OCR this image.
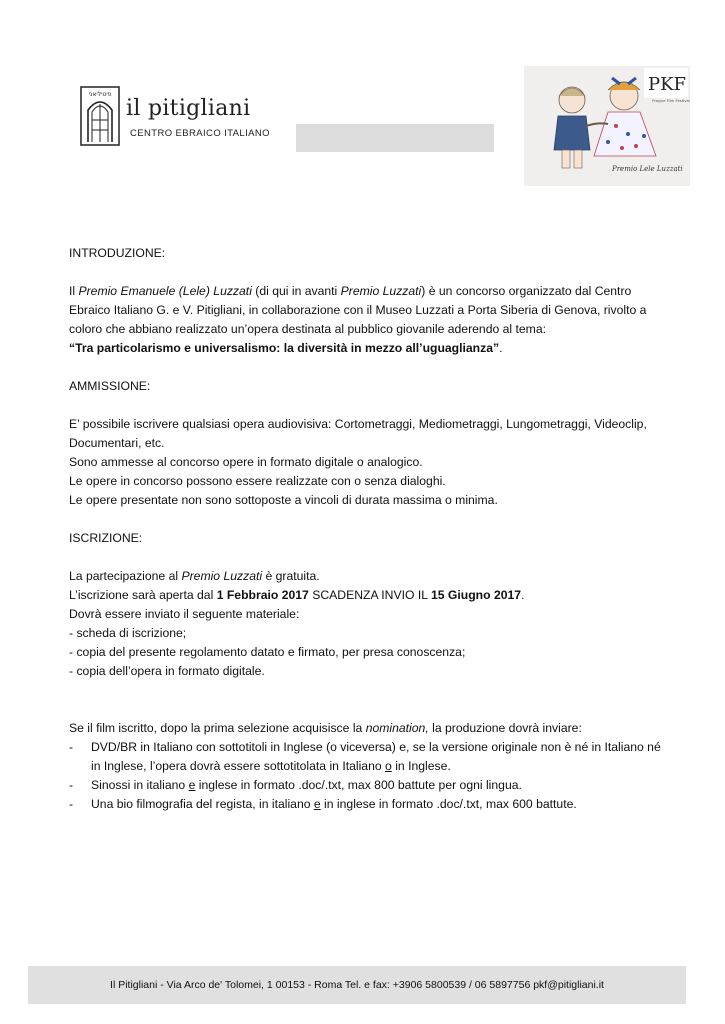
פיטיליאני
il pitigliani
CENTRO EBRAICO ITALIANO
PKF
Prague Film Festival
Premio Lele Luzzati

INTRODUZIONE:

Il Premio Emanuele (Lele) Luzzati (di qui in avanti Premio Luzzati) è un concorso organizzato dal Centro Ebraico Italiano G. e V. Pitigliani, in collaborazione con il Museo Luzzati a Porta Siberia di Genova, rivolto a coloro che abbiano realizzato un’opera destinata al pubblico giovanile aderendo al tema:

“Tra particolarismo e universalismo: la diversità in mezzo all’uguaglianza”.

AMMISSIONE:

E’ possibile iscrivere qualsiasi opera audiovisiva: Cortometraggi, Mediometraggi, Lungometraggi, Videoclip, Documentari, etc.

Sono ammesse al concorso opere in formato digitale o analogico.

Le opere in concorso possono essere realizzate con o senza dialoghi.

Le opere presentate non sono sottoposte a vincoli di durata massima o minima.

ISCRIZIONE:

La partecipazione al Premio Luzzati è gratuita.

L’iscrizione sarà aperta dal 1 Febbraio 2017 SCADENZA INVIO IL 15 Giugno 2017.

Dovrà essere inviato il seguente materiale:

- scheda di iscrizione;

- copia del presente regolamento datato e firmato, per presa conoscenza;

- copia dell’opera in formato digitale.

Se il film iscritto, dopo la prima selezione acquisisce la nomination, la produzione dovrà inviare:

- DVD/BR in Italiano con sottotitoli in Inglese (o viceversa) e, se la versione originale non è né in Italiano né in Inglese, l’opera dovrà essere sottotitolata in Italiano o in Inglese.
- Sinossi in italiano e inglese in formato .doc/.txt, max 800 battute per ogni lingua.
- Una bio filmografia del regista, in italiano e in inglese in formato .doc/.txt, max 600 battute.
Il Pitigliani - Via Arco de' Tolomei, 1 00153 - Roma Tel. e fax: +3906 5800539 / 06 5897756 pkf@pitigliani.it
